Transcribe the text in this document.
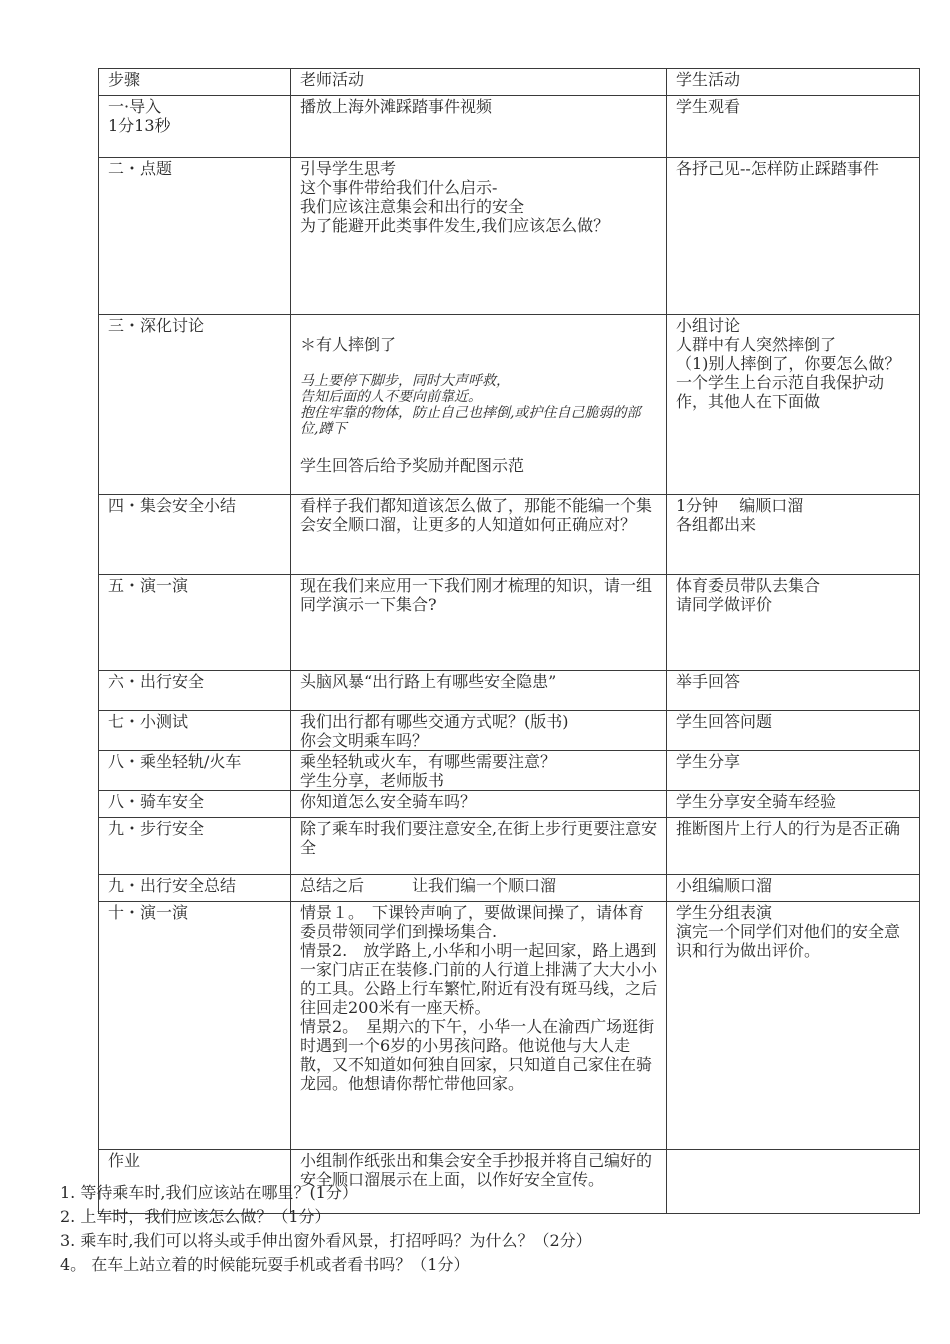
步骤	老师活动	学生活动
一·导入
1分13秒	播放上海外滩踩踏事件视频	学生观看
二・点题	引导学生思考
这个事件带给我们什么启示-
我们应该注意集会和出行的安全
为了能避开此类事件发生,我们应该怎么做？	各抒己见--怎样防止踩踏事件
三・深化讨论	＊有人摔倒了

马上要停下脚步，同时大声呼救，
告知后面的人不要向前靠近。
抱住牢靠的物体，防止自己也摔倒,或护住自己脆弱的部位,蹲下

学生回答后给予奖励并配图示范	小组讨论
人群中有人突然摔倒了
（1)别人摔倒了，你要怎么做？
一个学生上台示范自我保护动作，其他人在下面做
四・集会安全小结	看样子我们都知道该怎么做了，那能不能编一个集会安全顺口溜，让更多的人知道如何正确应对？	1分钟　 编顺口溜
各组都出来
五・演一演	现在我们来应用一下我们刚才梳理的知识，请一组同学演示一下集合?	体育委员带队去集合
请同学做评价
六・出行安全	头脑风暴“出行路上有哪些安全隐患”	举手回答
七・小测试	我们出行都有哪些交通方式呢？(版书)
你会文明乘车吗？	学生回答问题
八・乘坐轻轨/火车	乘坐轻轨或火车，有哪些需要注意？
学生分享，老师版书	学生分享
八・骑车安全	你知道怎么安全骑车吗？	学生分享安全骑车经验
九・步行安全	除了乘车时我们要注意安全,在街上步行更要注意安全	推断图片上行人的行为是否正确
九・出行安全总结	总结之后　　　让我们编一个顺口溜	小组编顺口溜
十・演一演	情景１。　下课铃声响了，要做课间操了，请体育委员带领同学们到操场集合.
情景2.　放学路上,小华和小明一起回家，路上遇到一家门店正在装修.门前的人行道上排满了大大小小的工具。公路上行车繁忙,附近有没有斑马线，之后往回走200米有一座天桥。
情景2。　星期六的下午，小华一人在渝西广场逛街时遇到一个6岁的小男孩问路。他说他与大人走散，又不知道如何独自回家，只知道自己家住在骑龙园。他想请你帮忙带他回家。	学生分组表演
演完一个同学们对他们的安全意识和行为做出评价。
作业	小组制作纸张出和集会安全手抄报并将自己编好的安全顺口溜展示在上面，以作好安全宣传。	
1. 等待乘车时,我们应该站在哪里？(1分）
2. 上车时，我们应该怎么做？（1分）
3. 乘车时,我们可以将头或手伸出窗外看风景，打招呼吗？为什么？（2分）
4。 在车上站立着的时候能玩耍手机或者看书吗？（1分）
